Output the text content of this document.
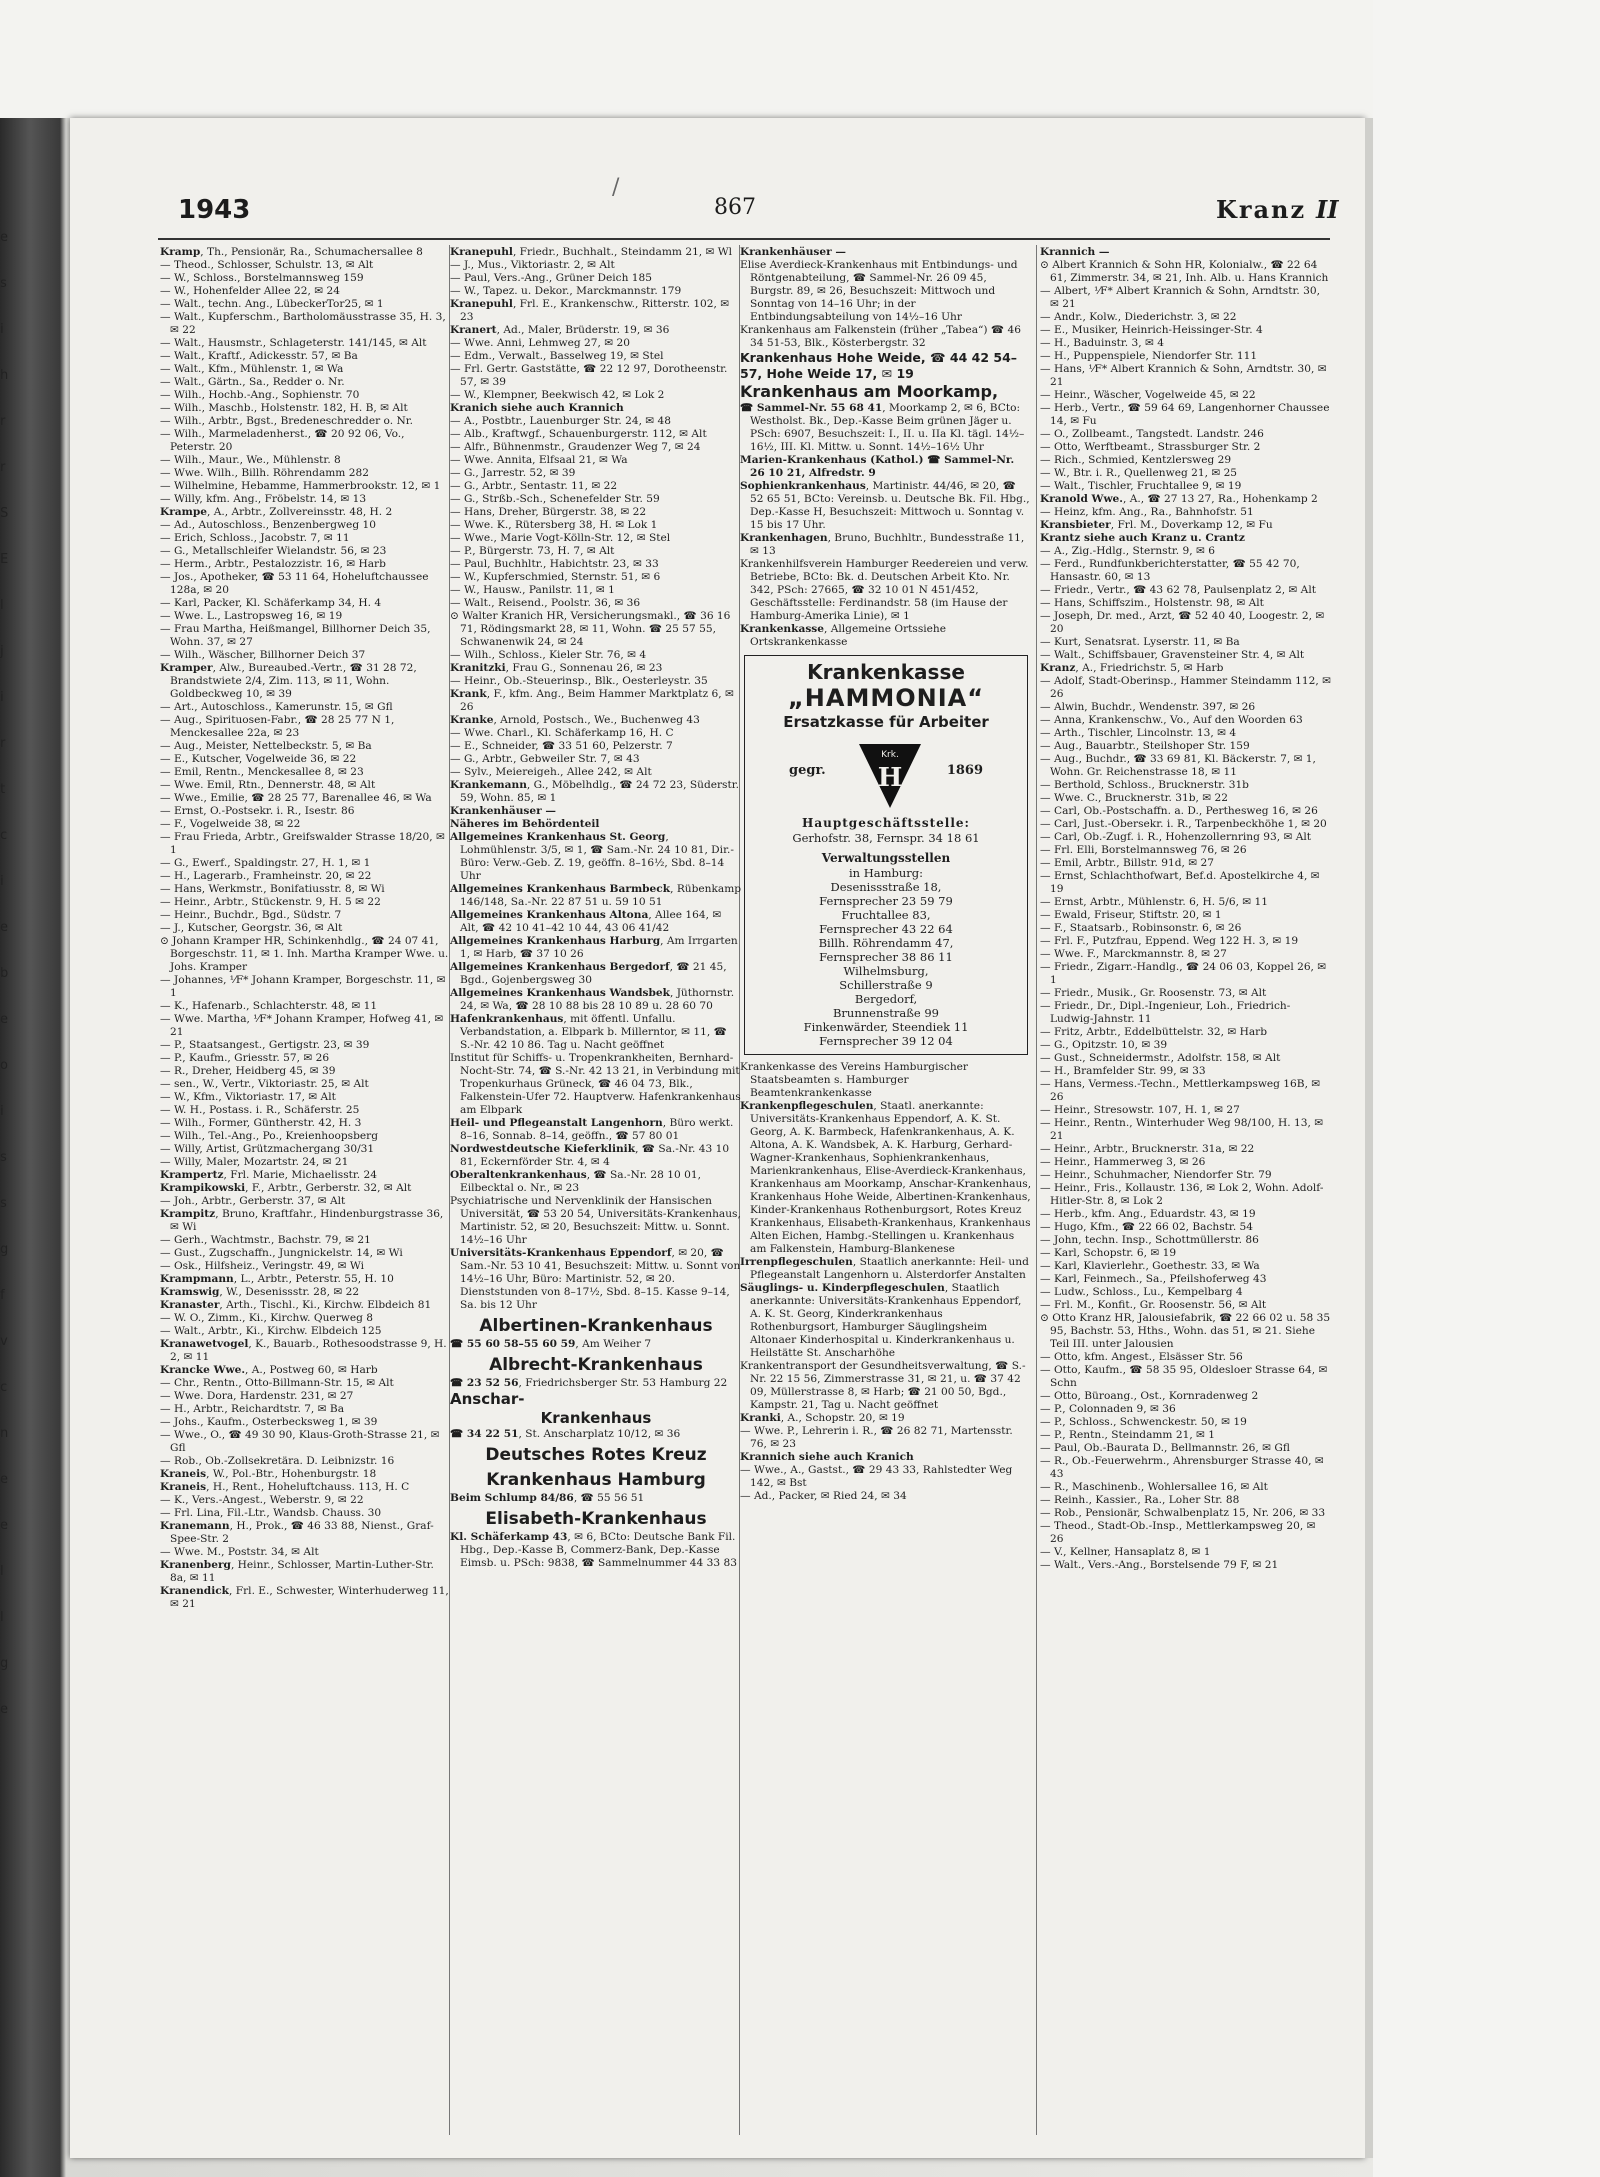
e
s
i
h
r
r
S
E
l
j
i
r
t
c
i
e
b
e
o
i
s
s
g
f
v
c
n
e
e
l
l
g
e
/
1943	867	Kranz II

Kramp, Th., Pensionär, Ra., Schumachersallee 8

— Theod., Schlosser, Schulstr. 13, ✉ Alt

— W., Schloss., Borstelmannsweg 159

— W., Hohenfelder Allee 22, ✉ 24

— Walt., techn. Ang., LübeckerTor25, ✉ 1

— Walt., Kupferschm., Bartholomäusstrasse 35, H. 3, ✉ 22

— Walt., Hausmstr., Schlageterstr. 141/145, ✉ Alt

— Walt., Kraftf., Adickesstr. 57, ✉ Ba

— Walt., Kfm., Mühlenstr. 1, ✉ Wa

— Walt., Gärtn., Sa., Redder o. Nr.

— Wilh., Hochb.-Ang., Sophienstr. 70

— Wilh., Maschb., Holstenstr. 182, H. B, ✉ Alt

— Wilh., Arbtr., Bgst., Bredeneschredder o. Nr.

— Wilh., Marmeladenherst., ☎ 20 92 06, Vo., Peterstr. 20

— Wilh., Maur., We., Mühlenstr. 8

— Wwe. Wilh., Billh. Röhrendamm 282

— Wilhelmine, Hebamme, Hammerbrookstr. 12, ✉ 1

— Willy, kfm. Ang., Fröbelstr. 14, ✉ 13

Krampe, A., Arbtr., Zollvereinsstr. 48, H. 2

— Ad., Autoschloss., Benzenbergweg 10

— Erich, Schloss., Jacobstr. 7, ✉ 11

— G., Metallschleifer Wielandstr. 56, ✉ 23

— Herm., Arbtr., Pestalozzistr. 16, ✉ Harb

— Jos., Apotheker, ☎ 53 11 64, Hoheluftchaussee 128a, ✉ 20

— Karl, Packer, Kl. Schäferkamp 34, H. 4

— Wwe. L., Lastropsweg 16, ✉ 19

— Frau Martha, Heißmangel, Billhorner Deich 35, Wohn. 37, ✉ 27

— Wilh., Wäscher, Billhorner Deich 37

Kramper, Alw., Bureaubed.-Vertr., ☎ 31 28 72, Brandstwiete 2/4, Zim. 113, ✉ 11, Wohn. Goldbeckweg 10, ✉ 39

— Art., Autoschloss., Kamerunstr. 15, ✉ Gfl

— Aug., Spirituosen-Fabr., ☎ 28 25 77 N 1, Menckesallee 22a, ✉ 23

— Aug., Meister, Nettelbeckstr. 5, ✉ Ba

— E., Kutscher, Vogelweide 36, ✉ 22

— Emil, Rentn., Menckesallee 8, ✉ 23

— Wwe. Emil, Rtn., Dennerstr. 48, ✉ Alt

— Wwe., Emilie, ☎ 28 25 77, Barenallee 46, ✉ Wa

— Ernst, O.-Postsekr. i. R., Isestr. 86

— F., Vogelweide 38, ✉ 22

— Frau Frieda, Arbtr., Greifswalder Strasse 18/20, ✉ 1

— G., Ewerf., Spaldingstr. 27, H. 1, ✉ 1

— H., Lagerarb., Framheinstr. 20, ✉ 22

— Hans, Werkmstr., Bonifatiusstr. 8, ✉ Wi

— Heinr., Arbtr., Stückenstr. 9, H. 5 ✉ 22

— Heinr., Buchdr., Bgd., Südstr. 7

— J., Kutscher, Georgstr. 36, ✉ Alt

⊙ Johann Kramper HR, Schinkenhdlg., ☎ 24 07 41, Borgeschstr. 11, ✉ 1. Inh. Martha Kramper Wwe. u. Johs. Kramper

— Johannes, ⅟F* Johann Kramper, Borgeschstr. 11, ✉ 1

— K., Hafenarb., Schlachterstr. 48, ✉ 11

— Wwe. Martha, ⅟F* Johann Kramper, Hofweg 41, ✉ 21

— P., Staatsangest., Gertigstr. 23, ✉ 39

— P., Kaufm., Griesstr. 57, ✉ 26

— R., Dreher, Heidberg 45, ✉ 39

— sen., W., Vertr., Viktoriastr. 25, ✉ Alt

— W., Kfm., Viktoriastr. 17, ✉ Alt

— W. H., Postass. i. R., Schäferstr. 25

— Wilh., Former, Güntherstr. 42, H. 3

— Wilh., Tel.-Ang., Po., Kreienhoopsberg

— Willy, Artist, Grützmachergang 30/31

— Willy, Maler, Mozartstr. 24, ✉ 21

Krampertz, Frl. Marie, Michaelisstr. 24

Krampikowski, F., Arbtr., Gerberstr. 32, ✉ Alt

— Joh., Arbtr., Gerberstr. 37, ✉ Alt

Krampitz, Bruno, Kraftfahr., Hindenburgstrasse 36, ✉ Wi

— Gerh., Wachtmstr., Bachstr. 79, ✉ 21

— Gust., Zugschaffn., Jungnickelstr. 14, ✉ Wi

— Osk., Hilfsheiz., Veringstr. 49, ✉ Wi

Krampmann, L., Arbtr., Peterstr. 55, H. 10

Kramswig, W., Desenissstr. 28, ✉ 22

Kranaster, Arth., Tischl., Ki., Kirchw. Elbdeich 81

— W. O., Zimm., Ki., Kirchw. Querweg 8

— Walt., Arbtr., Ki., Kirchw. Elbdeich 125

Kranawetvogel, K., Bauarb., Rothesoodstrasse 9, H. 2, ✉ 11

Krancke Wwe., A., Postweg 60, ✉ Harb

— Chr., Rentn., Otto-Billmann-Str. 15, ✉ Alt

— Wwe. Dora, Hardenstr. 231, ✉ 27

— H., Arbtr., Reichardtstr. 7, ✉ Ba

— Johs., Kaufm., Osterbecksweg 1, ✉ 39

— Wwe., O., ☎ 49 30 90, Klaus-Groth-Strasse 21, ✉ Gfl

— Rob., Ob.-Zollsekretära. D. Leibnizstr. 16

Kraneis, W., Pol.-Btr., Hohenburgstr. 18

Kraneis, H., Rent., Hoheluftchauss. 113, H. C

— K., Vers.-Angest., Weberstr. 9, ✉ 22

— Frl. Lina, Fil.-Ltr., Wandsb. Chauss. 30

Kranemann, H., Prok., ☎ 46 33 88, Nienst., Graf-Spee-Str. 2

— Wwe. M., Poststr. 34, ✉ Alt

Kranenberg, Heinr., Schlosser, Martin-Luther-Str. 8a, ✉ 11

Kranendick, Frl. E., Schwester, Winterhuderweg 11, ✉ 21

Kranepuhl, Friedr., Buchhalt., Steindamm 21, ✉ Wl

— J., Mus., Viktoriastr. 2, ✉ Alt

— Paul, Vers.-Ang., Grüner Deich 185

— W., Tapez. u. Dekor., Marckmannstr. 179

Kranepuhl, Frl. E., Krankenschw., Ritterstr. 102, ✉ 23

Kranert, Ad., Maler, Brüderstr. 19, ✉ 36

— Wwe. Anni, Lehmweg 27, ✉ 20

— Edm., Verwalt., Basselweg 19, ✉ Stel

— Frl. Gertr. Gaststätte, ☎ 22 12 97, Dorotheenstr. 57, ✉ 39

— W., Klempner, Beekwisch 42, ✉ Lok 2

Kranich siehe auch Krannich

— A., Postbtr., Lauenburger Str. 24, ✉ 48

— Alb., Kraftwgf., Schauenburgerstr. 112, ✉ Alt

— Alfr., Bühnenmstr., Graudenzer Weg 7, ✉ 24

— Wwe. Annita, Elfsaal 21, ✉ Wa

— G., Jarrestr. 52, ✉ 39

— G., Arbtr., Sentastr. 11, ✉ 22

— G., Strßb.-Sch., Schenefelder Str. 59

— Hans, Dreher, Bürgerstr. 38, ✉ 22

— Wwe. K., Rütersberg 38, H. ✉ Lok 1

— Wwe., Marie Vogt-Kölln-Str. 12, ✉ Stel

— P., Bürgerstr. 73, H. 7, ✉ Alt

— Paul, Buchhltr., Habichtstr. 23, ✉ 33

— W., Kupferschmied, Sternstr. 51, ✉ 6

— W., Hausw., Panilstr. 11, ✉ 1

— Walt., Reisend., Poolstr. 36, ✉ 36

⊙ Walter Kranich HR, Versicherungsmakl., ☎ 36 16 71, Rödingsmarkt 28, ✉ 11, Wohn. ☎ 25 57 55, Schwanenwik 24, ✉ 24

— Wilh., Schloss., Kieler Str. 76, ✉ 4

Kranitzki, Frau G., Sonnenau 26, ✉ 23

— Heinr., Ob.-Steuerinsp., Blk., Oesterleystr. 35

Krank, F., kfm. Ang., Beim Hammer Marktplatz 6, ✉ 26

Kranke, Arnold, Postsch., We., Buchenweg 43

— Wwe. Charl., Kl. Schäferkamp 16, H. C

— E., Schneider, ☎ 33 51 60, Pelzerstr. 7

— G., Arbtr., Gebweiler Str. 7, ✉ 43

— Sylv., Meiereigeh., Allee 242, ✉ Alt

Krankemann, G., Möbelhdlg., ☎ 24 72 23, Süderstr. 59, Wohn. 85, ✉ 1

Krankenhäuser —

Näheres im Behördenteil

Allgemeines Krankenhaus St. Georg, Lohmühlenstr. 3/5, ✉ 1, ☎ Sam.-Nr. 24 10 81, Dir.-Büro: Verw.-Geb. Z. 19, geöffn. 8–16½, Sbd. 8–14 Uhr

Allgemeines Krankenhaus Barmbeck, Rübenkamp 146/148, Sa.-Nr. 22 87 51 u. 59 10 51

Allgemeines Krankenhaus Altona, Allee 164, ✉ Alt, ☎ 42 10 41–42 10 44, 43 06 41/42

Allgemeines Krankenhaus Harburg, Am Irrgarten 1, ✉ Harb, ☎ 37 10 26

Allgemeines Krankenhaus Bergedorf, ☎ 21 45, Bgd., Gojenbergsweg 30

Allgemeines Krankenhaus Wandsbek, Jüthornstr. 24, ✉ Wa, ☎ 28 10 88 bis 28 10 89 u. 28 60 70

Hafenkrankenhaus, mit öffentl. Unfallu. Verbandstation, a. Elbpark b. Millerntor, ✉ 11, ☎ S.-Nr. 42 10 86. Tag u. Nacht geöffnet

Institut für Schiffs- u. Tropenkrankheiten, Bernhard-Nocht-Str. 74, ☎ S.-Nr. 42 13 21, in Verbindung mit Tropenkurhaus Grüneck, ☎ 46 04 73, Blk., Falkenstein-Ufer 72. Hauptverw. Hafenkrankenhaus am Elbpark

Heil- und Pflegeanstalt Langenhorn, Büro werkt. 8–16, Sonnab. 8–14, geöffn., ☎ 57 80 01

Nordwestdeutsche Kieferklinik, ☎ Sa.-Nr. 43 10 81, Eckernförder Str. 4, ✉ 4

Oberaltenkrankenhaus, ☎ Sa.-Nr. 28 10 01, Eilbecktal o. Nr., ✉ 23

Psychiatrische und Nervenklinik der Hansischen Universität, ☎ 53 20 54, Universitäts-Krankenhaus, Martinistr. 52, ✉ 20, Besuchszeit: Mittw. u. Sonnt. 14½–16 Uhr

Universitäts-Krankenhaus Eppendorf, ✉ 20, ☎ Sam.-Nr. 53 10 41, Besuchszeit: Mittw. u. Sonnt von 14½–16 Uhr, Büro: Martinistr. 52, ✉ 20. Dienststunden von 8–17½, Sbd. 8–15. Kasse 9–14, Sa. bis 12 Uhr

Albertinen-Krankenhaus

☎ 55 60 58–55 60 59, Am Weiher 7

Albrecht-Krankenhaus

☎ 23 52 56, Friedrichsberger Str. 53 Hamburg 22

Anschar-
Krankenhaus

☎ 34 22 51, St. Anscharplatz 10/12, ✉ 36

Deutsches Rotes Kreuz
Krankenhaus Hamburg

Beim Schlump 84/86, ☎ 55 56 51

Elisabeth-Krankenhaus

Kl. Schäferkamp 43, ✉ 6, BCto: Deutsche Bank Fil. Hbg., Dep.-Kasse B, Commerz-Bank, Dep.-Kasse Eimsb. u. PSch: 9838, ☎ Sammelnummer 44 33 83

Krankenhäuser —

Elise Averdieck-Krankenhaus mit Entbindungs- und Röntgenabteilung, ☎ Sammel-Nr. 26 09 45, Burgstr. 89, ✉ 26, Besuchszeit: Mittwoch und Sonntag von 14–16 Uhr; in der Entbindungsabteilung von 14½–16 Uhr

Krankenhaus am Falkenstein (früher „Tabea“) ☎ 46 34 51-53, Blk., Kösterbergstr. 32

Krankenhaus Hohe Weide, ☎ 44 42 54–57, Hohe Weide 17, ✉ 19
Krankenhaus am Moorkamp,

☎ Sammel-Nr. 55 68 41, Moorkamp 2, ✉ 6, BCto: Westholst. Bk., Dep.-Kasse Beim grünen Jäger u. PSch: 6907, Besuchszeit: I., II. u. IIa Kl. tägl. 14½–16½, III. Kl. Mittw. u. Sonnt. 14½–16½ Uhr

Marien-Krankenhaus (Kathol.) ☎ Sammel-Nr. 26 10 21, Alfredstr. 9

Sophienkrankenhaus, Martinistr. 44/46, ✉ 20, ☎ 52 65 51, BCto: Vereinsb. u. Deutsche Bk. Fil. Hbg., Dep.-Kasse H, Besuchszeit: Mittwoch u. Sonntag v. 15 bis 17 Uhr.

Krankenhagen, Bruno, Buchhltr., Bundesstraße 11, ✉ 13

Krankenhilfsverein Hamburger Reedereien und verw. Betriebe, BCto: Bk. d. Deutschen Arbeit Kto. Nr. 342, PSch: 27665, ☎ 32 10 01 N 451/452, Geschäftsstelle: Ferdinandstr. 58 (im Hause der Hamburg-Amerika Linie), ✉ 1

Krankenkasse, Allgemeine Ortssiehe Ortskrankenkasse

Krankenkasse
„HAMMONIA“
Ersatzkasse für Arbeiter
gegr.
Krk.
H	1869
Hauptgeschäftsstelle:
Gerhofstr. 38, Fernspr. 34 18 61
Verwaltungsstellen
in Hamburg:
Desenissstraße 18,
Fernsprecher 23 59 79
Fruchtallee 83,
Fernsprecher 43 22 64
Billh. Röhrendamm 47,
Fernsprecher 38 86 11
Wilhelmsburg,
Schillerstraße 9
Bergedorf,
Brunnenstraße 99
Finkenwärder, Steendiek 11
Fernsprecher 39 12 04

Krankenkasse des Vereins Hamburgischer Staatsbeamten s. Hamburger Beamtenkrankenkasse

Krankenpflegeschulen, Staatl. anerkannte: Universitäts-Krankenhaus Eppendorf, A. K. St. Georg, A. K. Barmbeck, Hafenkrankenhaus, A. K. Altona, A. K. Wandsbek, A. K. Harburg, Gerhard-Wagner-Krankenhaus, Sophienkrankenhaus, Marienkrankenhaus, Elise-Averdieck-Krankenhaus, Krankenhaus am Moorkamp, Anschar-Krankenhaus, Krankenhaus Hohe Weide, Albertinen-Krankenhaus, Kinder-Krankenhaus Rothenburgsort, Rotes Kreuz Krankenhaus, Elisabeth-Krankenhaus, Krankenhaus Alten Eichen, Hambg.-Stellingen u. Krankenhaus am Falkenstein, Hamburg-Blankenese

Irrenpflegeschulen, Staatlich anerkannte: Heil- und Pflegeanstalt Langenhorn u. Alsterdorfer Anstalten

Säuglings- u. Kinderpflegeschulen, Staatlich anerkannte: Universitäts-Krankenhaus Eppendorf, A. K. St. Georg, Kinderkrankenhaus Rothenburgsort, Hamburger Säuglingsheim Altonaer Kinderhospital u. Kinderkrankenhaus u. Heilstätte St. Anscharhöhe

Krankentransport der Gesundheitsverwaltung, ☎ S.-Nr. 22 15 56, Zimmerstrasse 31, ✉ 21, u. ☎ 37 42 09, Müllerstrasse 8, ✉ Harb; ☎ 21 00 50, Bgd., Kampstr. 21, Tag u. Nacht geöffnet

Kranki, A., Schopstr. 20, ✉ 19

— Wwe. P., Lehrerin i. R., ☎ 26 82 71, Martensstr. 76, ✉ 23

Krannich siehe auch Kranich

— Wwe., A., Gastst., ☎ 29 43 33, Rahlstedter Weg 142, ✉ Bst

— Ad., Packer, ✉ Ried 24, ✉ 34

Krannich —

⊙ Albert Krannich & Sohn HR, Kolonialw., ☎ 22 64 61, Zimmerstr. 34, ✉ 21, Inh. Alb. u. Hans Krannich

— Albert, ⅟F* Albert Krannich & Sohn, Arndtstr. 30, ✉ 21

— Andr., Kolw., Diederichstr. 3, ✉ 22

— E., Musiker, Heinrich-Heissinger-Str. 4

— H., Baduinstr. 3, ✉ 4

— H., Puppenspiele, Niendorfer Str. 111

— Hans, ⅟F* Albert Krannich & Sohn, Arndtstr. 30, ✉ 21

— Heinr., Wäscher, Vogelweide 45, ✉ 22

— Herb., Vertr., ☎ 59 64 69, Langenhorner Chaussee 14, ✉ Fu

— O., Zollbeamt., Tangstedt. Landstr. 246

— Otto, Werftbeamt., Strassburger Str. 2

— Rich., Schmied, Kentzlersweg 29

— W., Btr. i. R., Quellenweg 21, ✉ 25

— Walt., Tischler, Fruchtallee 9, ✉ 19

Kranold Wwe., A., ☎ 27 13 27, Ra., Hohenkamp 2

— Heinz, kfm. Ang., Ra., Bahnhofstr. 51

Kransbieter, Frl. M., Doverkamp 12, ✉ Fu

Krantz siehe auch Kranz u. Crantz

— A., Zig.-Hdlg., Sternstr. 9, ✉ 6

— Ferd., Rundfunkberichterstatter, ☎ 55 42 70, Hansastr. 60, ✉ 13

— Friedr., Vertr., ☎ 43 62 78, Paulsenplatz 2, ✉ Alt

— Hans, Schiffszim., Holstenstr. 98, ✉ Alt

— Joseph, Dr. med., Arzt, ☎ 52 40 40, Loogestr. 2, ✉ 20

— Kurt, Senatsrat. Lyserstr. 11, ✉ Ba

— Walt., Schiffsbauer, Gravensteiner Str. 4, ✉ Alt

Kranz, A., Friedrichstr. 5, ✉ Harb

— Adolf, Stadt-Oberinsp., Hammer Steindamm 112, ✉ 26

— Alwin, Buchdr., Wendenstr. 397, ✉ 26

— Anna, Krankenschw., Vo., Auf den Woorden 63

— Arth., Tischler, Lincolnstr. 13, ✉ 4

— Aug., Bauarbtr., Steilshoper Str. 159

— Aug., Buchdr., ☎ 33 69 81, Kl. Bäckerstr. 7, ✉ 1, Wohn. Gr. Reichenstrasse 18, ✉ 11

— Berthold, Schloss., Brucknerstr. 31b

— Wwe. C., Brucknerstr. 31b, ✉ 22

— Carl, Ob.-Postschaffn. a. D., Perthesweg 16, ✉ 26

— Carl, Just.-Obersekr. i. R., Tarpenbeckhöhe 1, ✉ 20

— Carl, Ob.-Zugf. i. R., Hohenzollernring 93, ✉ Alt

— Frl. Elli, Borstelmannsweg 76, ✉ 26

— Emil, Arbtr., Billstr. 91d, ✉ 27

— Ernst, Schlachthofwart, Bef.d. Apostelkirche 4, ✉ 19

— Ernst, Arbtr., Mühlenstr. 6, H. 5/6, ✉ 11

— Ewald, Friseur, Stiftstr. 20, ✉ 1

— F., Staatsarb., Robinsonstr. 6, ✉ 26

— Frl. F., Putzfrau, Eppend. Weg 122 H. 3, ✉ 19

— Wwe. F., Marckmannstr. 8, ✉ 27

— Friedr., Zigarr.-Handlg., ☎ 24 06 03, Koppel 26, ✉ 1

— Friedr., Musik., Gr. Roosenstr. 73, ✉ Alt

— Friedr., Dr., Dipl.-Ingenieur, Loh., Friedrich-Ludwig-Jahnstr. 11

— Fritz, Arbtr., Eddelbüttelstr. 32, ✉ Harb

— G., Opitzstr. 10, ✉ 39

— Gust., Schneidermstr., Adolfstr. 158, ✉ Alt

— H., Bramfelder Str. 99, ✉ 33

— Hans, Vermess.-Techn., Mettlerkampsweg 16B, ✉ 26

— Heinr., Stresowstr. 107, H. 1, ✉ 27

— Heinr., Rentn., Winterhuder Weg 98/100, H. 13, ✉ 21

— Heinr., Arbtr., Brucknerstr. 31a, ✉ 22

— Heinr., Hammerweg 3, ✉ 26

— Heinr., Schuhmacher, Niendorfer Str. 79

— Heinr., Fris., Kollaustr. 136, ✉ Lok 2, Wohn. Adolf-Hitler-Str. 8, ✉ Lok 2

— Herb., kfm. Ang., Eduardstr. 43, ✉ 19

— Hugo, Kfm., ☎ 22 66 02, Bachstr. 54

— John, techn. Insp., Schottmüllerstr. 86

— Karl, Schopstr. 6, ✉ 19

— Karl, Klavierlehr., Goethestr. 33, ✉ Wa

— Karl, Feinmech., Sa., Pfeilshoferweg 43

— Ludw., Schloss., Lu., Kempelbarg 4

— Frl. M., Konfit., Gr. Roosenstr. 56, ✉ Alt

⊙ Otto Kranz HR, Jalousiefabrik, ☎ 22 66 02 u. 58 35 95, Bachstr. 53, Hths., Wohn. das 51, ✉ 21. Siehe Teil III. unter Jalousien

— Otto, kfm. Angest., Elsässer Str. 56

— Otto, Kaufm., ☎ 58 35 95, Oldesloer Strasse 64, ✉ Schn

— Otto, Büroang., Ost., Kornradenweg 2

— P., Colonnaden 9, ✉ 36

— P., Schloss., Schwenckestr. 50, ✉ 19

— P., Rentn., Steindamm 21, ✉ 1

— Paul, Ob.-Bauratа D., Bellmannstr. 26, ✉ Gfl

— R., Ob.-Feuerwehrm., Ahrensburger Strasse 40, ✉ 43

— R., Maschinenb., Wohlersallee 16, ✉ Alt

— Reinh., Kassier., Ra., Loher Str. 88

— Rob., Pensionär, Schwalbenplatz 15, Nr. 206, ✉ 33

— Theod., Stadt-Ob.-Insp., Mettlerkampsweg 20, ✉ 26

— V., Kellner, Hansaplatz 8, ✉ 1

— Walt., Vers.-Ang., Borstelsende 79 F, ✉ 21
